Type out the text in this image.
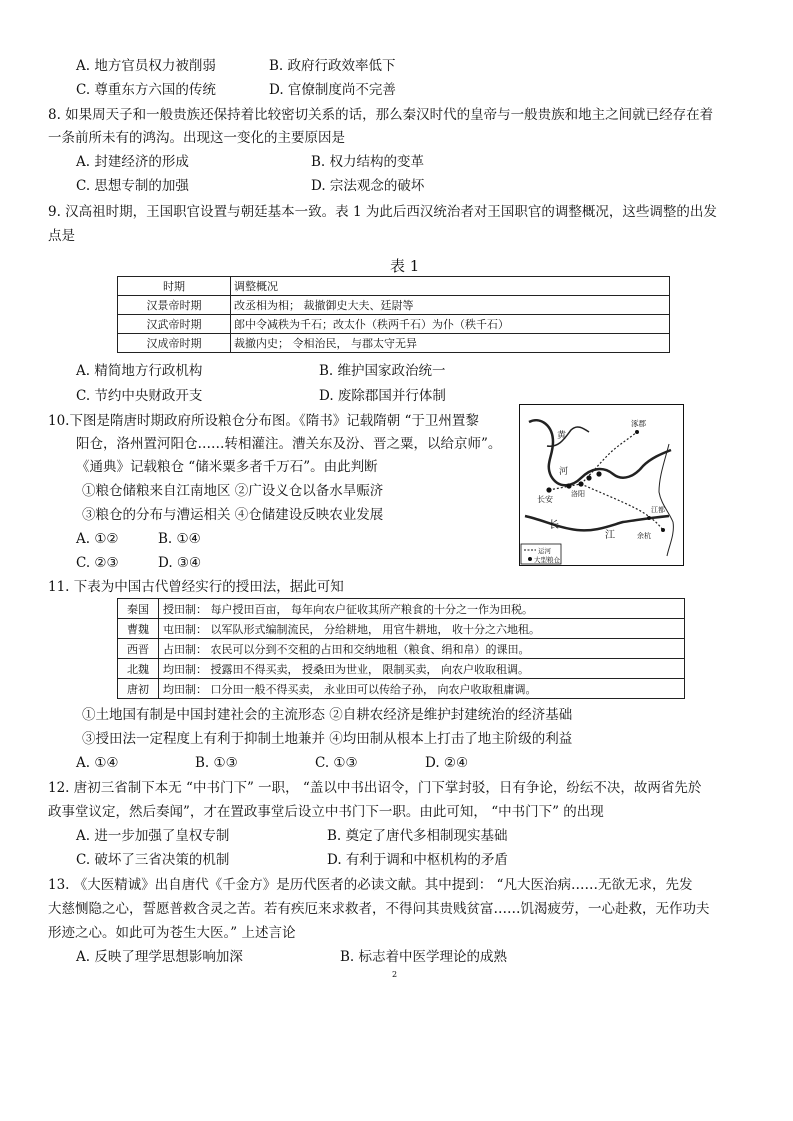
A. 地方官员权力被削弱	B. 政府行政效率低下
C. 尊重东方六国的传统	D. 官僚制度尚不完善
8. 如果周天子和一般贵族还保持着比较密切关系的话，那么秦汉时代的皇帝与一般贵族和地主之间就已经存在着
一条前所未有的鸿沟。出现这一变化的主要原因是
A. 封建经济的形成	B. 权力结构的变革
C. 思想专制的加强	D. 宗法观念的破坏
9. 汉高祖时期，王国职官设置与朝廷基本一致。表 1 为此后西汉统治者对王国职官的调整概况，这些调整的出发
点是
表 1
时期	调整概况
汉景帝时期	改丞相为相； 裁撤御史大夫、廷尉等
汉武帝时期	郎中令减秩为千石；改太仆（秩两千石）为仆（秩千石）
汉成帝时期	裁撤内史； 令相治民， 与郡太守无异
A. 精简地方行政机构	B. 维护国家政治统一
C. 节约中央财政开支	D. 废除郡国并行体制
10.下图是隋唐时期政府所设粮仓分布图。《隋书》记载隋朝 “于卫州置黎
阳仓，洛州置河阳仓……转相灌注。漕关东及汾、晋之粟，以给京师”。
《通典》记载粮仓 “储米粟多者千万石”。由此判断
①粮仓储粮来自江南地区 ②广设义仓以备水旱赈济
③粮仓的分布与漕运相关 ④仓储建设反映农业发展
A. ①②	B. ①④
C. ②③	D. ③④
涿郡
黄
河
长安
洛阳
江都
长
江	余杭
运河
大型粮仓
11. 下表为中国古代曾经实行的授田法，据此可知
秦国	授田制： 每户授田百亩， 每年向农户征收其所产粮食的十分之一作为田税。
曹魏	屯田制： 以军队形式编制流民， 分给耕地， 用官牛耕地， 收十分之六地租。
西晋	占田制： 农民可以分到不交租的占田和交纳地租（粮食、绢和帛）的课田。
北魏	均田制： 授露田不得买卖， 授桑田为世业， 限制买卖， 向农户收取租调。
唐初	均田制： 口分田一般不得买卖， 永业田可以传给子孙， 向农户收取租庸调。
①土地国有制是中国封建社会的主流形态 ②自耕农经济是维护封建统治的经济基础
③授田法一定程度上有利于抑制土地兼并 ④均田制从根本上打击了地主阶级的利益
A. ①④	B. ①③	C. ①③	D. ②④
12. 唐初三省制下本无 “中书门下” 一职， “盖以中书出诏令，门下掌封驳，日有争论，纷纭不决，故两省先於
政事堂议定，然后奏闻”，才在置政事堂后设立中书门下一职。由此可知， “中书门下” 的出现
A. 进一步加强了皇权专制	B. 奠定了唐代多相制现实基础
C. 破坏了三省决策的机制	D. 有利于调和中枢机构的矛盾
13. 《大医精诚》出自唐代《千金方》是历代医者的必读文献。其中提到： “凡大医治病……无欲无求，先发
大慈恻隐之心，誓愿普救含灵之苦。若有疾厄来求救者，不得问其贵贱贫富……饥渴疲劳，一心赴救，无作功夫
形迹之心。如此可为苍生大医。” 上述言论
A. 反映了理学思想影响加深	B. 标志着中医学理论的成熟
2
